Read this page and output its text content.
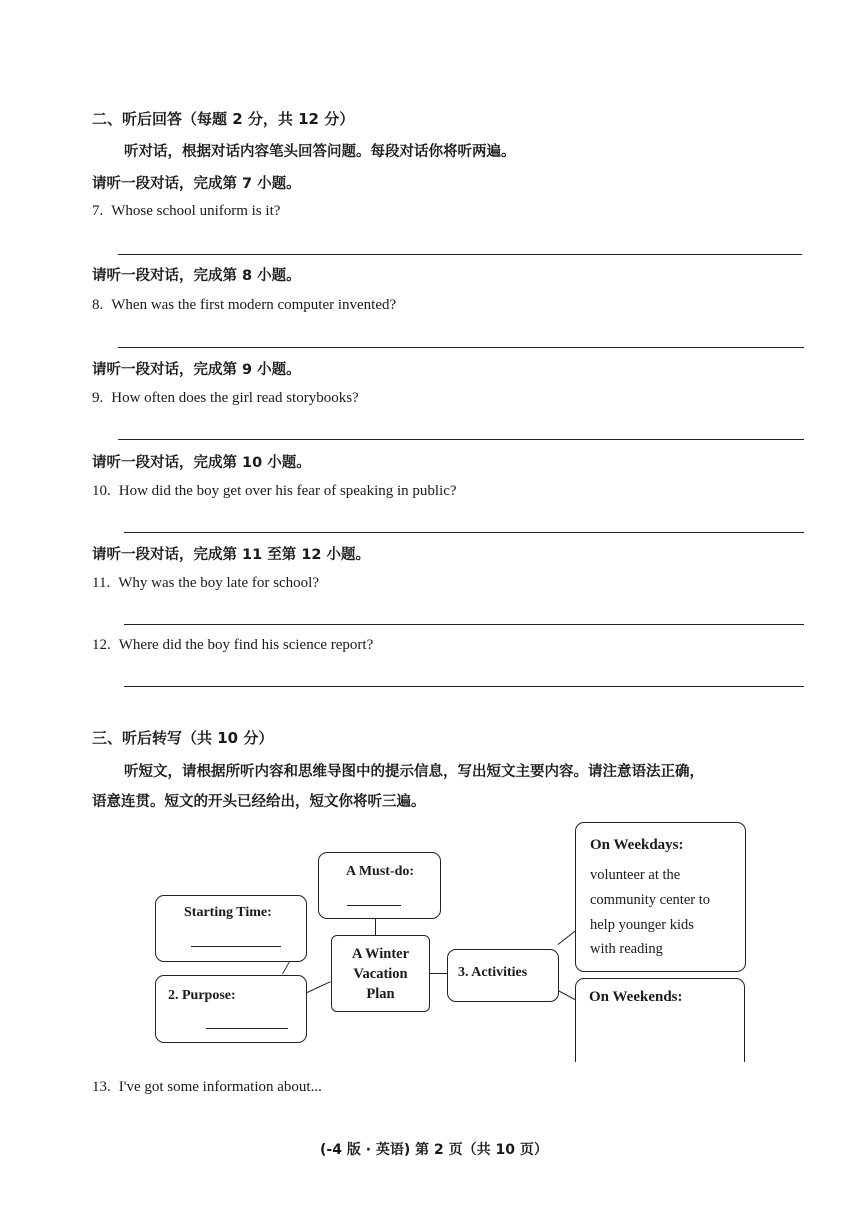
二、听后回答（每题 2 分，共 12 分）
听对话，根据对话内容笔头回答问题。每段对话你将听两遍。
请听一段对话，完成第 7 小题。
7. Whose school uniform is it?
请听一段对话，完成第 8 小题。
8. When was the first modern computer invented?
请听一段对话，完成第 9 小题。
9. How often does the girl read storybooks?
请听一段对话，完成第 10 小题。
10. How did the boy get over his fear of speaking in public?
请听一段对话，完成第 11 至第 12 小题。
11. Why was the boy late for school?
12. Where did the boy find his science report?
三、听后转写（共 10 分）
听短文，请根据所听内容和思维导图中的提示信息，写出短文主要内容。请注意语法正确，
语意连贯。短文的开头已经给出，短文你将听三遍。
A Must-do:
Starting Time:
2. Purpose:
A Winter
Vacation
Plan
3. Activities
On Weekdays:
volunteer at the
community center to
help younger kids
with reading
On Weekends:
13. I've got some information about...
(-4 版 · 英语) 第 2 页（共 10 页）
